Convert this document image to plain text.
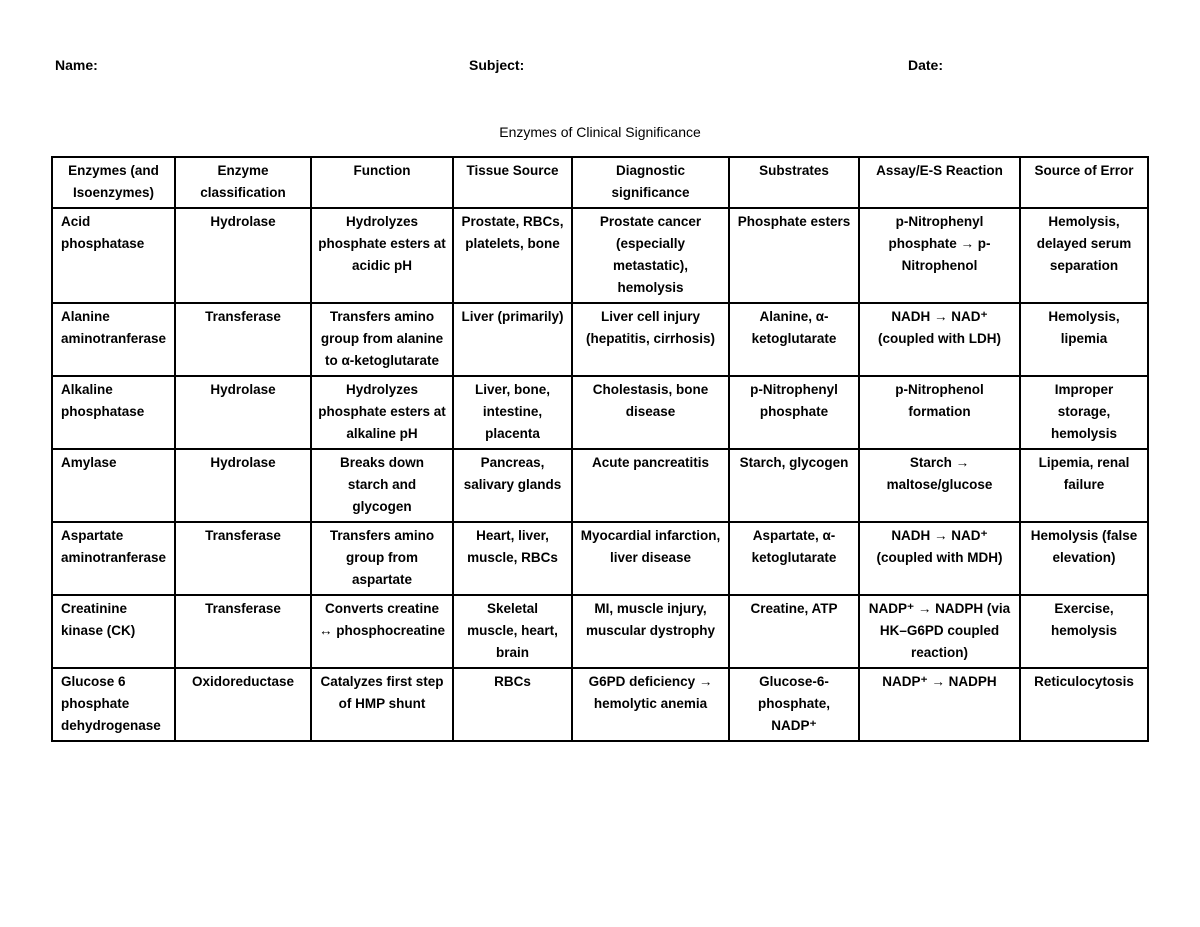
Name:	Subject:	Date:
Enzymes of Clinical Significance
Enzymes (and Isoenzymes)	Enzyme classification	Function	Tissue Source	Diagnostic significance	Substrates	Assay/E-S Reaction	Source of Error
Acid phosphatase	Hydrolase	Hydrolyzes phosphate esters at acidic pH	Prostate, RBCs, platelets, bone	Prostate cancer (especially metastatic), hemolysis	Phosphate esters	p-Nitrophenyl phosphate → p-Nitrophenol	Hemolysis, delayed serum separation
Alanine aminotranferase	Transferase	Transfers amino group from alanine to α-ketoglutarate	Liver (primarily)	Liver cell injury (hepatitis, cirrhosis)	Alanine, α-ketoglutarate	NADH → NAD⁺ (coupled with LDH)	Hemolysis, lipemia
Alkaline phosphatase	Hydrolase	Hydrolyzes phosphate esters at alkaline pH	Liver, bone, intestine, placenta	Cholestasis, bone disease	p-Nitrophenyl phosphate	p-Nitrophenol formation	Improper storage, hemolysis
Amylase	Hydrolase	Breaks down starch and glycogen	Pancreas, salivary glands	Acute pancreatitis	Starch, glycogen	Starch → maltose/glucose	Lipemia, renal failure
Aspartate aminotranferase	Transferase	Transfers amino group from aspartate	Heart, liver, muscle, RBCs	Myocardial infarction, liver disease	Aspartate, α-ketoglutarate	NADH → NAD⁺ (coupled with MDH)	Hemolysis (false elevation)
Creatinine kinase (CK)	Transferase	Converts creatine ↔ phosphocreatine	Skeletal muscle, heart, brain	MI, muscle injury, muscular dystrophy	Creatine, ATP	NADP⁺ → NADPH (via HK–G6PD coupled reaction)	Exercise, hemolysis
Glucose 6 phosphate dehydrogenase	Oxidoreductase	Catalyzes first step of HMP shunt	RBCs	G6PD deficiency → hemolytic anemia	Glucose-6-phosphate, NADP⁺	NADP⁺ → NADPH	Reticulocytosis
